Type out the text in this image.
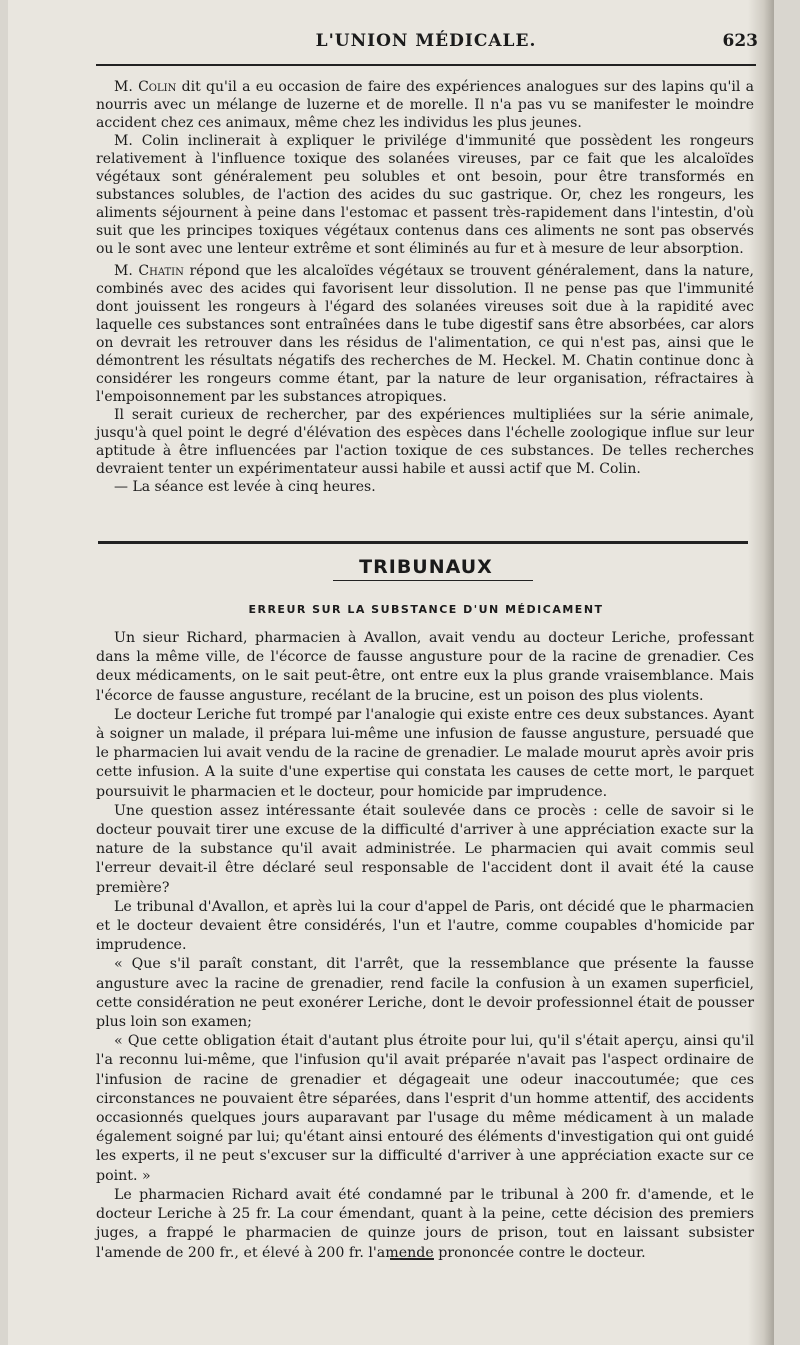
L'UNION MÉDICALE.	623

M. Colin dit qu'il a eu occasion de faire des expériences analogues sur des lapins qu'il a nourris avec un mélange de luzerne et de morelle. Il n'a pas vu se manifester le moindre accident chez ces animaux, même chez les individus les plus jeunes.

M. Colin inclinerait à expliquer le privilége d'immunité que possèdent les rongeurs relativement à l'influence toxique des solanées vireuses, par ce fait que les alcaloïdes végétaux sont généralement peu solubles et ont besoin, pour être transformés en substances solubles, de l'action des acides du suc gastrique. Or, chez les rongeurs, les aliments séjournent à peine dans l'estomac et passent très-rapidement dans l'intestin, d'où suit que les principes toxiques végétaux contenus dans ces aliments ne sont pas observés ou le sont avec une lenteur extrême et sont éliminés au fur et à mesure de leur absorption.

M. Chatin répond que les alcaloïdes végétaux se trouvent généralement, dans la nature, combinés avec des acides qui favorisent leur dissolution. Il ne pense pas que l'immunité dont jouissent les rongeurs à l'égard des solanées vireuses soit due à la rapidité avec laquelle ces substances sont entraînées dans le tube digestif sans être absorbées, car alors on devrait les retrouver dans les résidus de l'alimentation, ce qui n'est pas, ainsi que le démontrent les résultats négatifs des recherches de M. Heckel. M. Chatin continue donc à considérer les rongeurs comme étant, par la nature de leur organisation, réfractaires à l'empoisonnement par les substances atropiques.

Il serait curieux de rechercher, par des expériences multipliées sur la série animale, jusqu'à quel point le degré d'élévation des espèces dans l'échelle zoologique influe sur leur aptitude à être influencées par l'action toxique de ces substances. De telles recherches devraient tenter un expérimentateur aussi habile et aussi actif que M. Colin.

— La séance est levée à cinq heures.

TRIBUNAUX
ERREUR SUR LA SUBSTANCE D'UN MÉDICAMENT

Un sieur Richard, pharmacien à Avallon, avait vendu au docteur Leriche, professant dans la même ville, de l'écorce de fausse angusture pour de la racine de grenadier. Ces deux médicaments, on le sait peut-être, ont entre eux la plus grande vraisemblance. Mais l'écorce de fausse angusture, recélant de la brucine, est un poison des plus violents.

Le docteur Leriche fut trompé par l'analogie qui existe entre ces deux substances. Ayant à soigner un malade, il prépara lui-même une infusion de fausse angusture, persuadé que le pharmacien lui avait vendu de la racine de grenadier. Le malade mourut après avoir pris cette infusion. A la suite d'une expertise qui constata les causes de cette mort, le parquet poursuivit le pharmacien et le docteur, pour homicide par imprudence.

Une question assez intéressante était soulevée dans ce procès : celle de savoir si le docteur pouvait tirer une excuse de la difficulté d'arriver à une appréciation exacte sur la nature de la substance qu'il avait administrée. Le pharmacien qui avait commis seul l'erreur devait-il être déclaré seul responsable de l'accident dont il avait été la cause première?

Le tribunal d'Avallon, et après lui la cour d'appel de Paris, ont décidé que le pharmacien et le docteur devaient être considérés, l'un et l'autre, comme coupables d'homicide par imprudence.

« Que s'il paraît constant, dit l'arrêt, que la ressemblance que présente la fausse angusture avec la racine de grenadier, rend facile la confusion à un examen superficiel, cette considération ne peut exonérer Leriche, dont le devoir professionnel était de pousser plus loin son examen;

« Que cette obligation était d'autant plus étroite pour lui, qu'il s'était aperçu, ainsi qu'il l'a reconnu lui-même, que l'infusion qu'il avait préparée n'avait pas l'aspect ordinaire de l'infusion de racine de grenadier et dégageait une odeur inaccoutumée; que ces circonstances ne pouvaient être séparées, dans l'esprit d'un homme attentif, des accidents occasionnés quelques jours auparavant par l'usage du même médicament à un malade également soigné par lui; qu'étant ainsi entouré des éléments d'investigation qui ont guidé les experts, il ne peut s'excuser sur la difficulté d'arriver à une appréciation exacte sur ce point. »

Le pharmacien Richard avait été condamné par le tribunal à 200 fr. d'amende, et le docteur Leriche à 25 fr. La cour émendant, quant à la peine, cette décision des premiers juges, a frappé le pharmacien de quinze jours de prison, tout en laissant subsister l'amende de 200 fr., et élevé à 200 fr. l'amende prononcée contre le docteur.
